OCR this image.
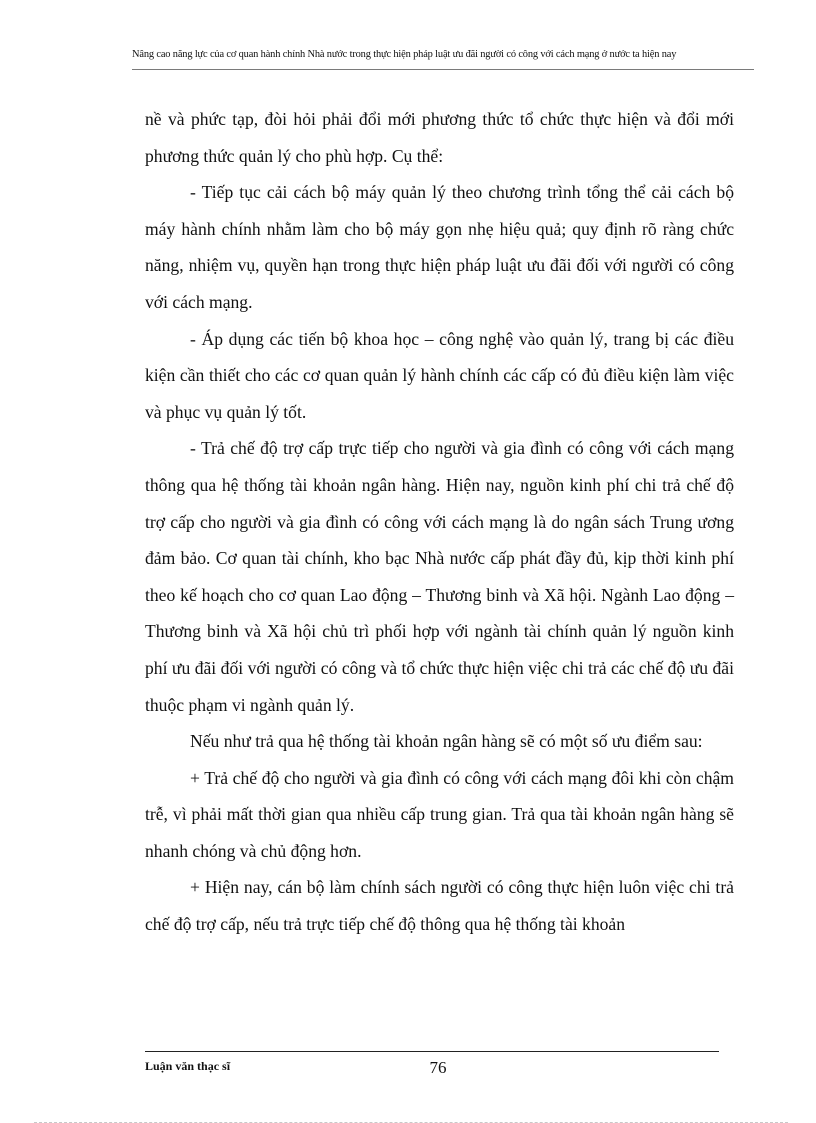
Nâng cao năng lực của cơ quan hành chính Nhà nước trong thực hiện pháp luật ưu đãi người có công với cách mạng ở nước ta hiện nay

nề và phức tạp, đòi hỏi phải đổi mới phương thức tổ chức thực hiện và đổi mới phương thức quản lý cho phù hợp. Cụ thể:

- Tiếp tục cải cách bộ máy quản lý theo chương trình tổng thể cải cách bộ máy hành chính nhằm làm cho bộ máy gọn nhẹ hiệu quả; quy định rõ ràng chức năng, nhiệm vụ, quyền hạn trong thực hiện pháp luật ưu đãi đối với người có công với cách mạng.

- Áp dụng các tiến bộ khoa học – công nghệ vào quản lý, trang bị các điều kiện cần thiết cho các cơ quan quản lý hành chính các cấp có đủ điều kiện làm việc và phục vụ quản lý tốt.

- Trả chế độ trợ cấp trực tiếp cho người và gia đình có công với cách mạng thông qua hệ thống tài khoản ngân hàng. Hiện nay, nguồn kinh phí chi trả chế độ trợ cấp cho người và gia đình có công với cách mạng là do ngân sách Trung ương đảm bảo. Cơ quan tài chính, kho bạc Nhà nước cấp phát đầy đủ, kịp thời kinh phí theo kế hoạch cho cơ quan Lao động – Thương binh và Xã hội. Ngành Lao động – Thương binh và Xã hội chủ trì phối hợp với ngành tài chính quản lý nguồn kinh phí ưu đãi đối với người có công và tổ chức thực hiện việc chi trả các chế độ ưu đãi thuộc phạm vi ngành quản lý.

Nếu như trả qua hệ thống tài khoản ngân hàng sẽ có một số ưu điểm sau:

+ Trả chế độ cho người và gia đình có công với cách mạng đôi khi còn chậm trễ, vì phải mất thời gian qua nhiều cấp trung gian. Trả qua tài khoản ngân hàng sẽ nhanh chóng và chủ động hơn.

+ Hiện nay, cán bộ làm chính sách người có công thực hiện luôn việc chi trả chế độ trợ cấp, nếu trả trực tiếp chế độ thông qua hệ thống tài khoản

Luận văn thạc sĩ	76
